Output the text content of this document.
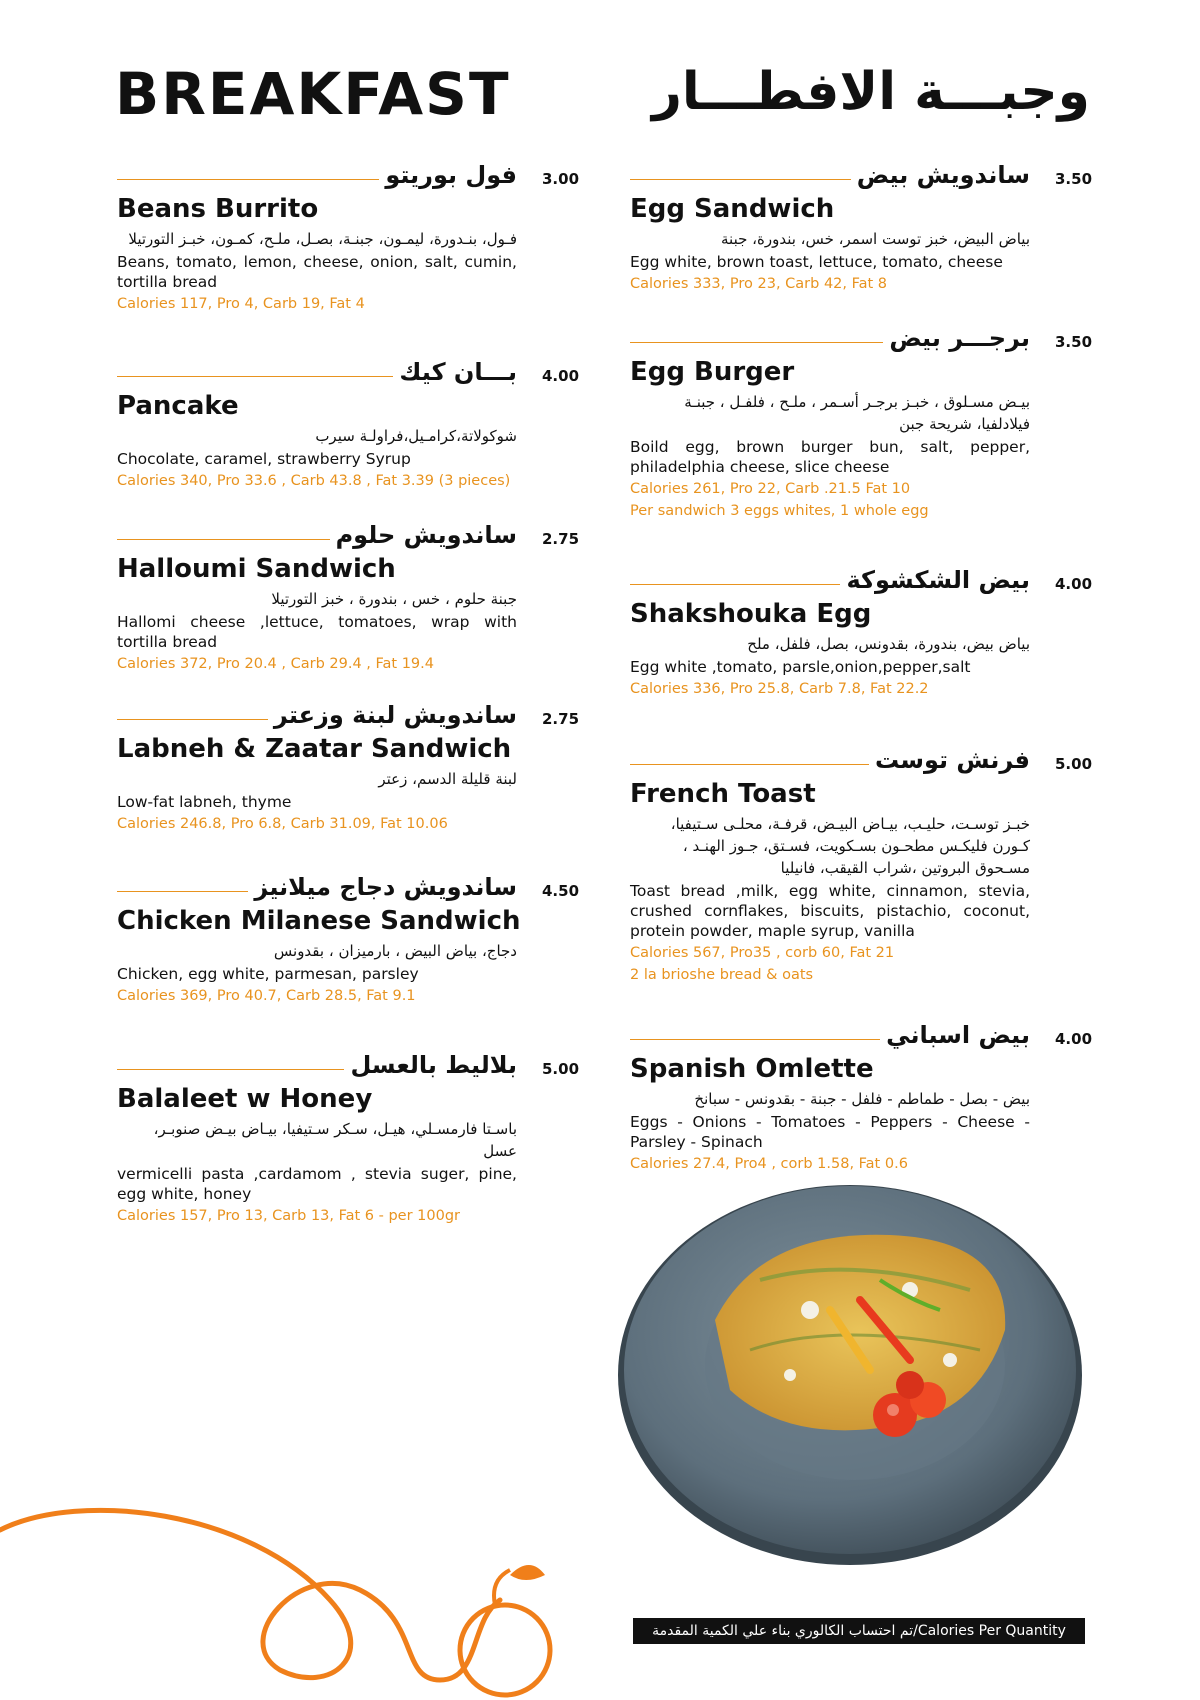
BREAKFAST	وجبـــة الافطـــار
فول بوريتو 3.00
Beans Burrito
فـول، بنـدورة، ليمـون، جبنـة، بصـل، ملـح، كمـون، خبـز التورتيلا
Beans, tomato, lemon, cheese, onion, salt, cumin, tortilla bread
Calories 117, Pro 4, Carb 19, Fat 4
بـــان كيك 4.00
Pancake
شوكولاتة،كرامـيل،فراولـة سيرب
Chocolate, caramel, strawberry Syrup
Calories 340, Pro 33.6 , Carb 43.8 , Fat 3.39 (3 pieces)
ساندويش حلوم 2.75
Halloumi Sandwich
جبنة حلوم ، خس ، بندورة ، خبز التورتيلا
Hallomi cheese ,lettuce, tomatoes, wrap with tortilla bread
Calories 372, Pro 20.4 , Carb 29.4 , Fat 19.4
ساندويش لبنة وزعتر 2.75
Labneh & Zaatar Sandwich
لبنة قليلة الدسم، زعتر
Low-fat labneh, thyme
Calories 246.8, Pro 6.8, Carb 31.09, Fat 10.06
ساندويش دجاج ميلانيز 4.50
Chicken Milanese Sandwich
دجاج، بياض البيض ، بارميزان ، بقدونس
Chicken, egg white, parmesan, parsley
Calories 369, Pro 40.7, Carb 28.5, Fat 9.1
بلاليط بالعسل 5.00
Balaleet w Honey
باسـتا فارمسـلي، هيـل، سـكر سـتيفيا، بيـاض بيـض صنوبـر، عسل
vermicelli pasta ,cardamom , stevia suger, pine, egg white, honey
Calories 157, Pro 13, Carb 13, Fat 6 - per 100gr
ساندويش بيض 3.50
Egg Sandwich
بياض البيض، خبز توست اسمر، خس، بندورة، جبنة
Egg white, brown toast, lettuce, tomato, cheese
Calories 333, Pro 23, Carb 42, Fat 8
برجـــر بيض 3.50
Egg Burger
بيـض مسـلوق ، خبـز برجـر أسـمر ، ملـح ، فلفـل ، جبنـة فيلادلفيا، شريحة جبن
Boild egg, brown burger bun, salt, pepper, philadelphia cheese, slice cheese
Calories 261, Pro 22, Carb .21.5 Fat 10
Per sandwich 3 eggs whites, 1 whole egg
بيض الشكشوكة 4.00
Shakshouka Egg
بياض بيض، بندورة، بقدونس، بصل، فلفل، ملح
Egg white ,tomato, parsle,onion,pepper,salt
Calories 336, Pro 25.8, Carb 7.8, Fat 22.2
فرنش توست 5.00
French Toast
خبـز توسـت، حليـب، بيـاض البيـض، قرفـة، محلـى سـتيفيا، كـورن فليكـس مطحـون بسـكويت، فسـتق، جـوز الهنـد ، مسـحوق البروتين ،شراب القيقب، فانيليا
Toast bread ,milk, egg white, cinnamon, stevia, crushed cornflakes, biscuits, pistachio, coconut, protein powder, maple syrup, vanilla
Calories 567, Pro35 , corb 60, Fat 21
2 la brioshe bread & oats
بيض اسباني 4.00
Spanish Omlette
بيض - بصل - طماطم - فلفل - جبنة - بقدونس - سبانخ
Eggs - Onions - Tomatoes - Peppers - Cheese - Parsley - Spinach
Calories 27.4, Pro4 , corb 1.58, Fat 0.6
تم احتساب الكالوري بناء علي الكمية المقدمة/Calories Per Quantity
